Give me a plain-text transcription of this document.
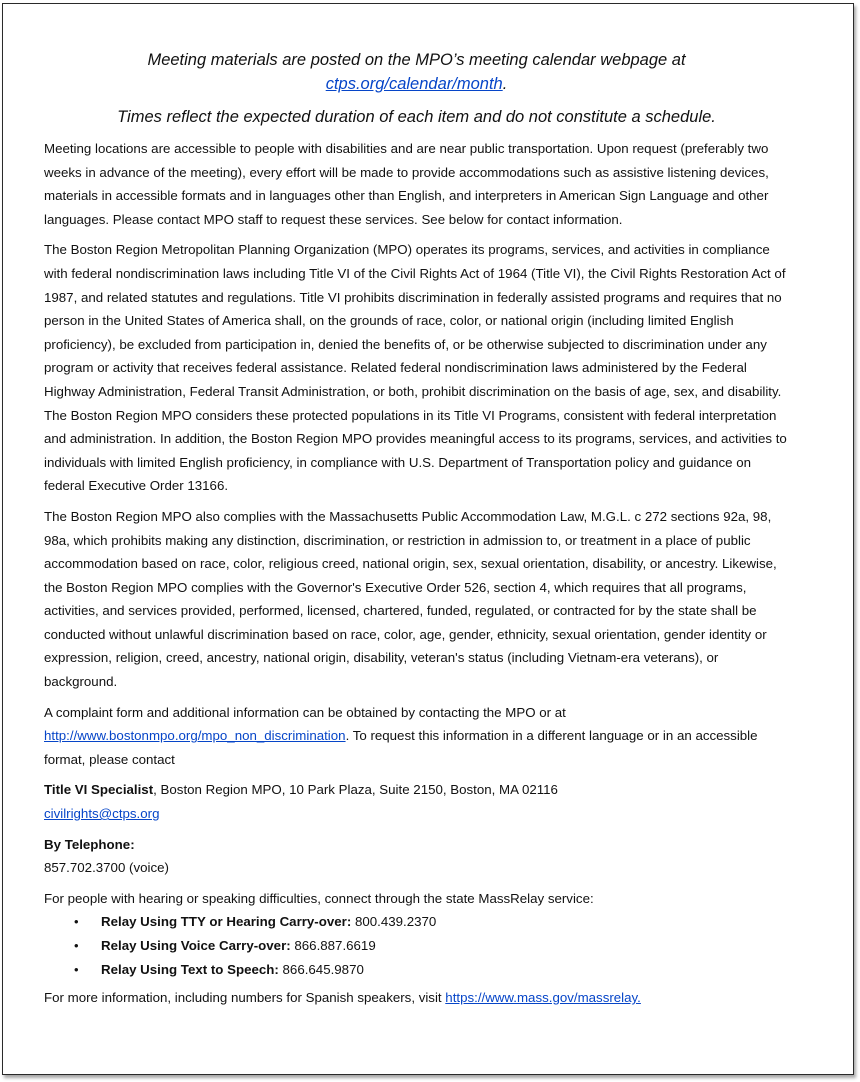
Meeting materials are posted on the MPO’s meeting calendar webpage at
ctps.org/calendar/month.

Times reflect the expected duration of each item and do not constitute a schedule.

Meeting locations are accessible to people with disabilities and are near public transportation. Upon request (preferably two weeks in advance of the meeting), every effort will be made to provide accommodations such as assistive listening devices, materials in accessible formats and in languages other than English, and interpreters in American Sign Language and other languages. Please contact MPO staff to request these services. See below for contact information.

The Boston Region Metropolitan Planning Organization (MPO) operates its programs, services, and activities in compliance with federal nondiscrimination laws including Title VI of the Civil Rights Act of 1964 (Title VI), the Civil Rights Restoration Act of 1987, and related statutes and regulations. Title VI prohibits discrimination in federally assisted programs and requires that no person in the United States of America shall, on the grounds of race, color, or national origin (including limited English proficiency), be excluded from participation in, denied the benefits of, or be otherwise subjected to discrimination under any program or activity that receives federal assistance. Related federal nondiscrimination laws administered by the Federal Highway Administration, Federal Transit Administration, or both, prohibit discrimination on the basis of age, sex, and disability. The Boston Region MPO considers these protected populations in its Title VI Programs, consistent with federal interpretation and administration. In addition, the Boston Region MPO provides meaningful access to its programs, services, and activities to individuals with limited English proficiency, in compliance with U.S. Department of Transportation policy and guidance on federal Executive Order 13166.

The Boston Region MPO also complies with the Massachusetts Public Accommodation Law, M.G.L. c 272 sections 92a, 98, 98a, which prohibits making any distinction, discrimination, or restriction in admission to, or treatment in a place of public accommodation based on race, color, religious creed, national origin, sex, sexual orientation, disability, or ancestry. Likewise, the Boston Region MPO complies with the Governor's Executive Order 526, section 4, which requires that all programs, activities, and services provided, performed, licensed, chartered, funded, regulated, or contracted for by the state shall be conducted without unlawful discrimination based on race, color, age, gender, ethnicity, sexual orientation, gender identity or expression, religion, creed, ancestry, national origin, disability, veteran's status (including Vietnam-era veterans), or background.

A complaint form and additional information can be obtained by contacting the MPO or at
http://www.bostonmpo.org/mpo_non_discrimination. To request this information in a different language or in an accessible format, please contact

Title VI Specialist, Boston Region MPO, 10 Park Plaza, Suite 2150, Boston, MA 02116
civilrights@ctps.org

By Telephone:
857.702.3700 (voice)

For people with hearing or speaking difficulties, connect through the state MassRelay service:

• Relay Using TTY or Hearing Carry-over: 800.439.2370
• Relay Using Voice Carry-over: 866.887.6619
• Relay Using Text to Speech: 866.645.9870

For more information, including numbers for Spanish speakers, visit https://www.mass.gov/massrelay.
